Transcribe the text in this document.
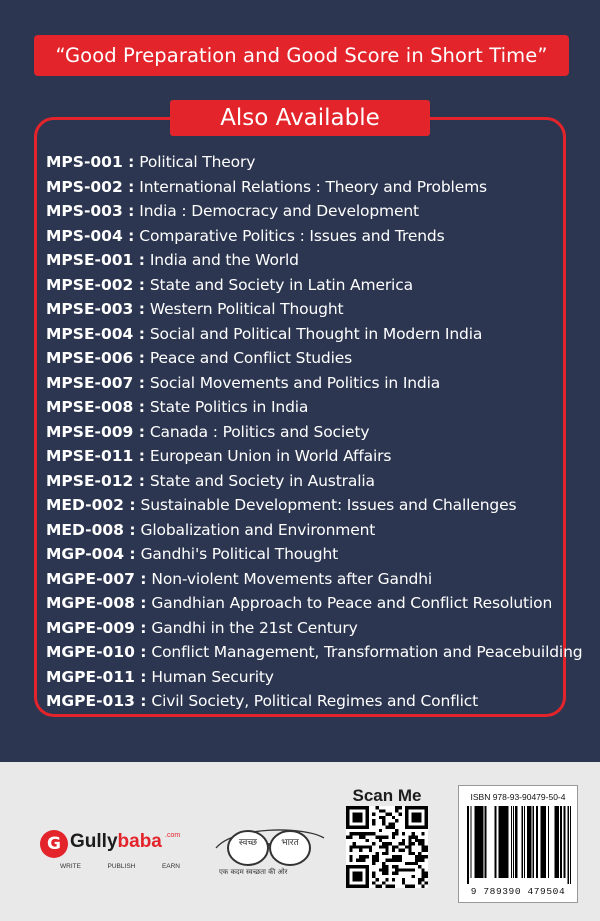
“Good Preparation and Good Score in Short Time”
Also Available
MPS-001 : Political Theory
MPS-002 : International Relations : Theory and Problems
MPS-003 : India : Democracy and Development
MPS-004 : Comparative Politics : Issues and Trends
MPSE-001 : India and the World
MPSE-002 : State and Society in Latin America
MPSE-003 : Western Political Thought
MPSE-004 : Social and Political Thought in Modern India
MPSE-006 : Peace and Conflict Studies
MPSE-007 : Social Movements and Politics in India
MPSE-008 : State Politics in India
MPSE-009 : Canada : Politics and Society
MPSE-011 : European Union in World Affairs
MPSE-012 : State and Society in Australia
MED-002 : Sustainable Development: Issues and Challenges
MED-008 : Globalization and Environment
MGP-004 : Gandhi's Political Thought
MGPE-007 : Non-violent Movements after Gandhi
MGPE-008 : Gandhian Approach to Peace and Conflict Resolution
MGPE-009 : Gandhi in the 21st Century
MGPE-010 : Conflict Management, Transformation and Peacebuilding
MGPE-011 : Human Security
MGPE-013 : Civil Society, Political Regimes and Conflict
G Gullybaba .com
WRITE	PUBLISH	EARN
स्वच्छ	भारत
एक कदम स्वच्छता की ओर
Scan Me	ISBN 978-93-90479-50-4
9 789390 479504
